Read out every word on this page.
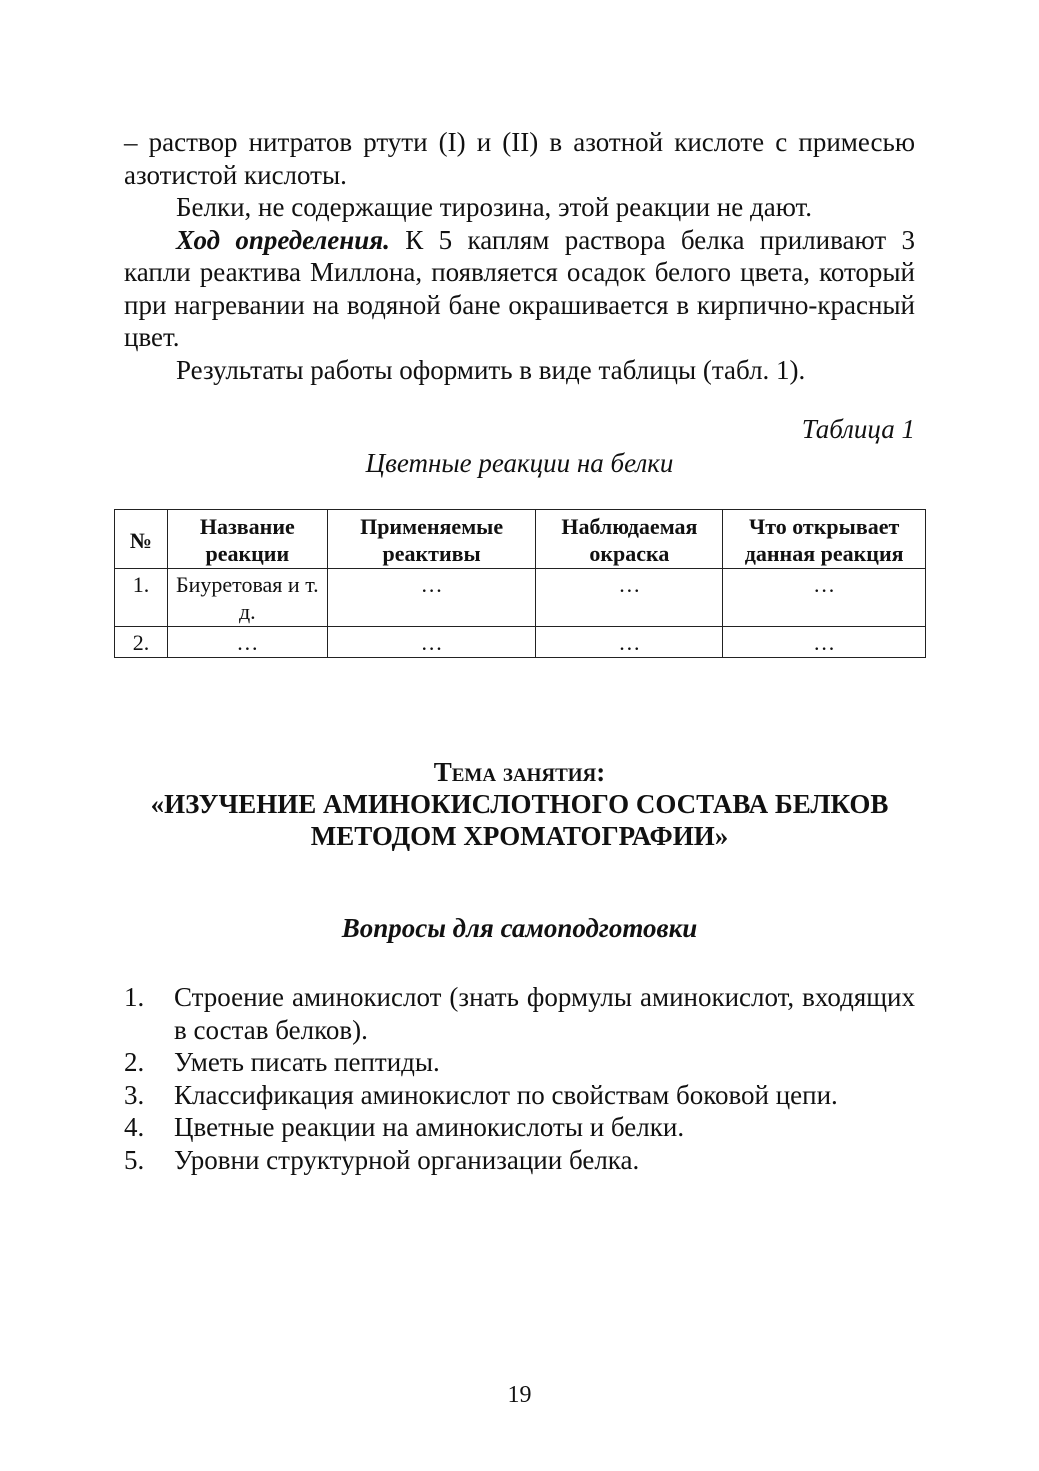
– раствор нитратов ртути (I) и (II) в азотной кислоте с примесью азотистой кислоты.

Белки, не содержащие тирозина, этой реакции не дают.

Ход определения. К 5 каплям раствора белка приливают 3 капли реактива Миллона, появляется осадок белого цвета, который при нагревании на водяной бане окрашивается в кирпично-красный цвет.

Результаты работы оформить в виде таблицы (табл. 1).

Таблица 1
Цветные реакции на белки
№	Название реакции	Применяемые реактивы	Наблюдаемая окраска	Что открывает данная реакция
1.	Биуретовая и т. д.	…	…	…
2.	…	…	…	…
Тема занятия:
«ИЗУЧЕНИЕ АМИНОКИСЛОТНОГО СОСТАВА БЕЛКОВ
МЕТОДОМ ХРОМАТОГРАФИИ»
Вопросы для самоподготовки
1.	Строение аминокислот (знать формулы аминокислот, входящих в состав белков).
2.	Уметь писать пептиды.
3.	Классификация аминокислот по свойствам боковой цепи.
4.	Цветные реакции на аминокислоты и белки.
5.	Уровни структурной организации белка.
19
